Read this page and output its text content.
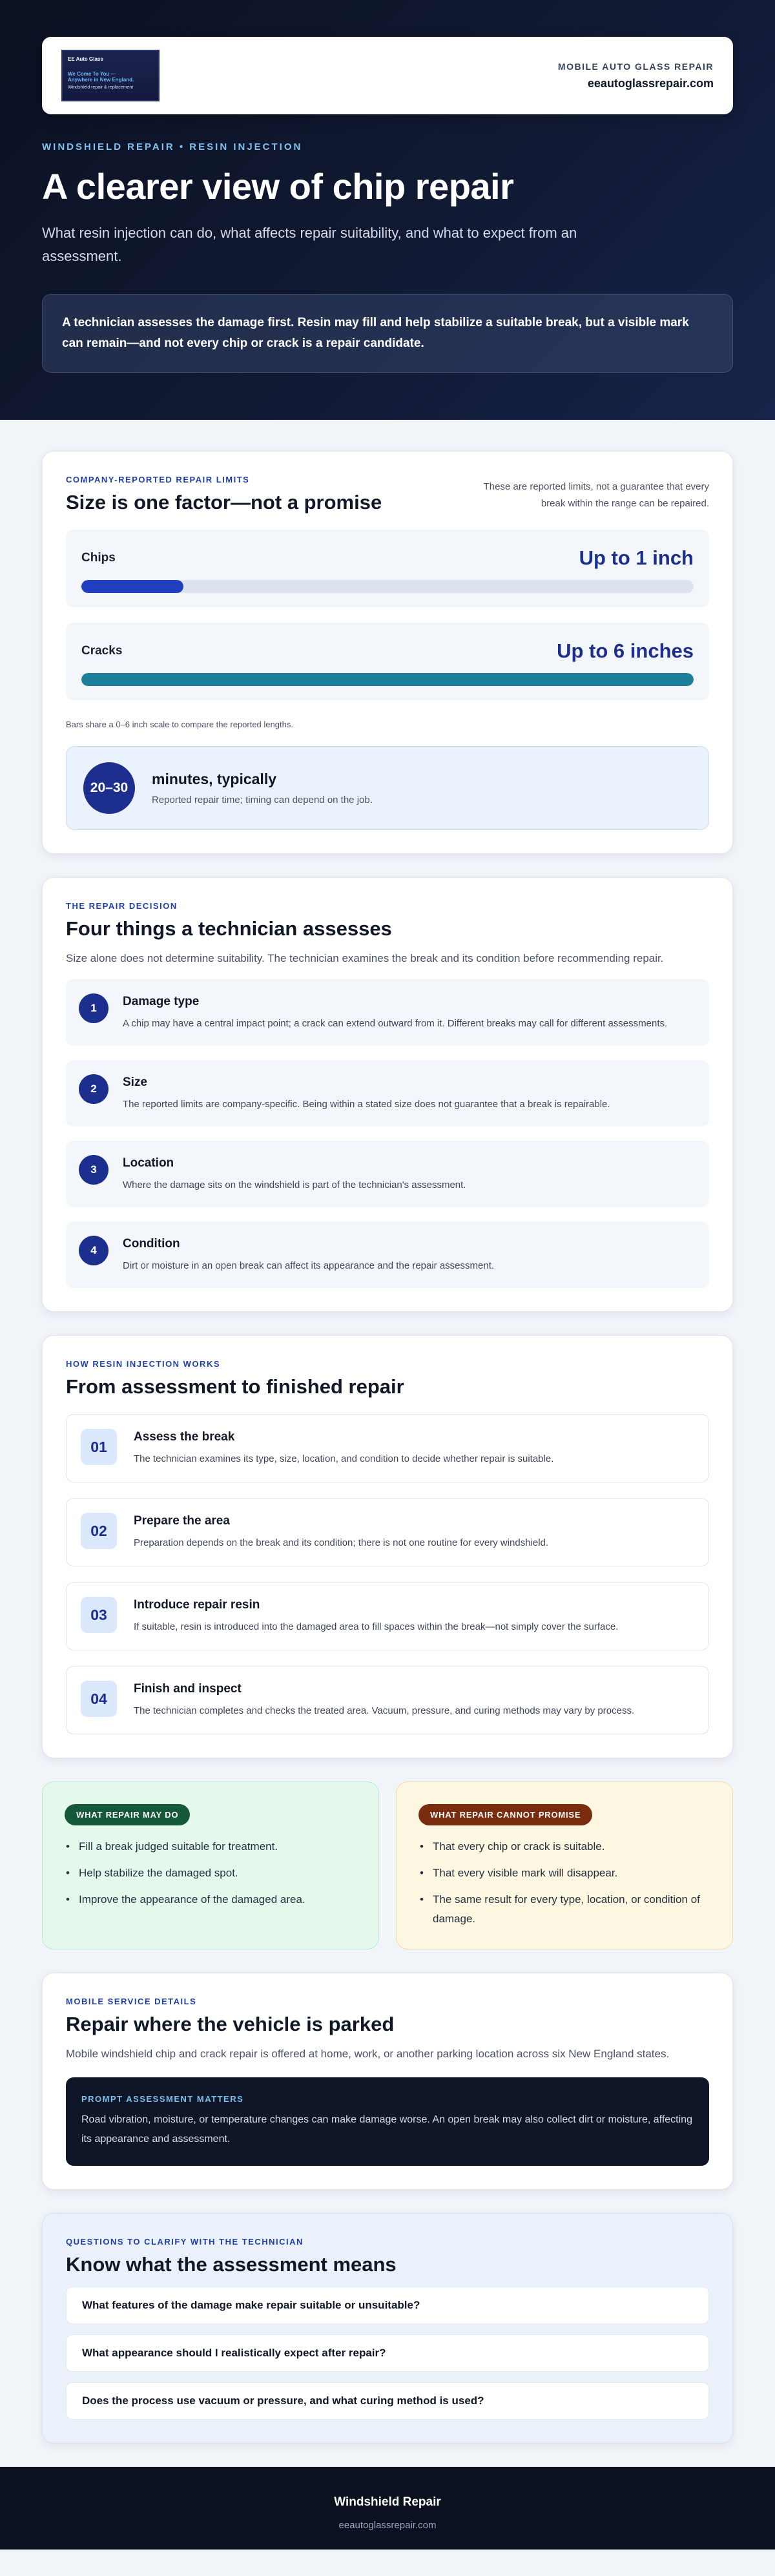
EE Auto Glass
We Come To You —
Anywhere in New England.
Windshield repair & replacement
MOBILE AUTO GLASS REPAIR
eeautoglassrepair.com
WINDSHIELD REPAIR • RESIN INJECTION
A clearer view of chip repair

What resin injection can do, what affects repair suitability, and what to expect from an assessment.

A technician assesses the damage first. Resin may fill and help stabilize a suitable break, but a visible mark can remain—and not every chip or crack is a repair candidate.
COMPANY-REPORTED REPAIR LIMITS
Size is one factor—not a promise
These are reported limits, not a guarantee that every break within the range can be repaired.
Chips	Up to 1 inch
Cracks	Up to 6 inches
Bars share a 0–6 inch scale to compare the reported lengths.
20–30
minutes, typically
Reported repair time; timing can depend on the job.
THE REPAIR DECISION
Four things a technician assesses

Size alone does not determine suitability. The technician examines the break and its condition before recommending repair.

1	Damage type
A chip may have a central impact point; a crack can extend outward from it. Different breaks may call for different assessments.
2	Size
The reported limits are company-specific. Being within a stated size does not guarantee that a break is repairable.
3	Location
Where the damage sits on the windshield is part of the technician's assessment.
4	Condition
Dirt or moisture in an open break can affect its appearance and the repair assessment.
HOW RESIN INJECTION WORKS
From assessment to finished repair
01
Assess the break
The technician examines its type, size, location, and condition to decide whether repair is suitable.
02
Prepare the area
Preparation depends on the break and its condition; there is not one routine for every windshield.
03
Introduce repair resin
If suitable, resin is introduced into the damaged area to fill spaces within the break—not simply cover the surface.
04
Finish and inspect
The technician completes and checks the treated area. Vacuum, pressure, and curing methods may vary by process.
WHAT REPAIR MAY DO
• Fill a break judged suitable for treatment.
• Help stabilize the damaged spot.
• Improve the appearance of the damaged area.
WHAT REPAIR CANNOT PROMISE
• That every chip or crack is suitable.
• That every visible mark will disappear.
• The same result for every type, location, or condition of damage.
MOBILE SERVICE DETAILS
Repair where the vehicle is parked

Mobile windshield chip and crack repair is offered at home, work, or another parking location across six New England states.

PROMPT ASSESSMENT MATTERS
Road vibration, moisture, or temperature changes can make damage worse. An open break may also collect dirt or moisture, affecting its appearance and assessment.
QUESTIONS TO CLARIFY WITH THE TECHNICIAN
Know what the assessment means
What features of the damage make repair suitable or unsuitable?
What appearance should I realistically expect after repair?
Does the process use vacuum or pressure, and what curing method is used?
Windshield Repair
eeautoglassrepair.com
